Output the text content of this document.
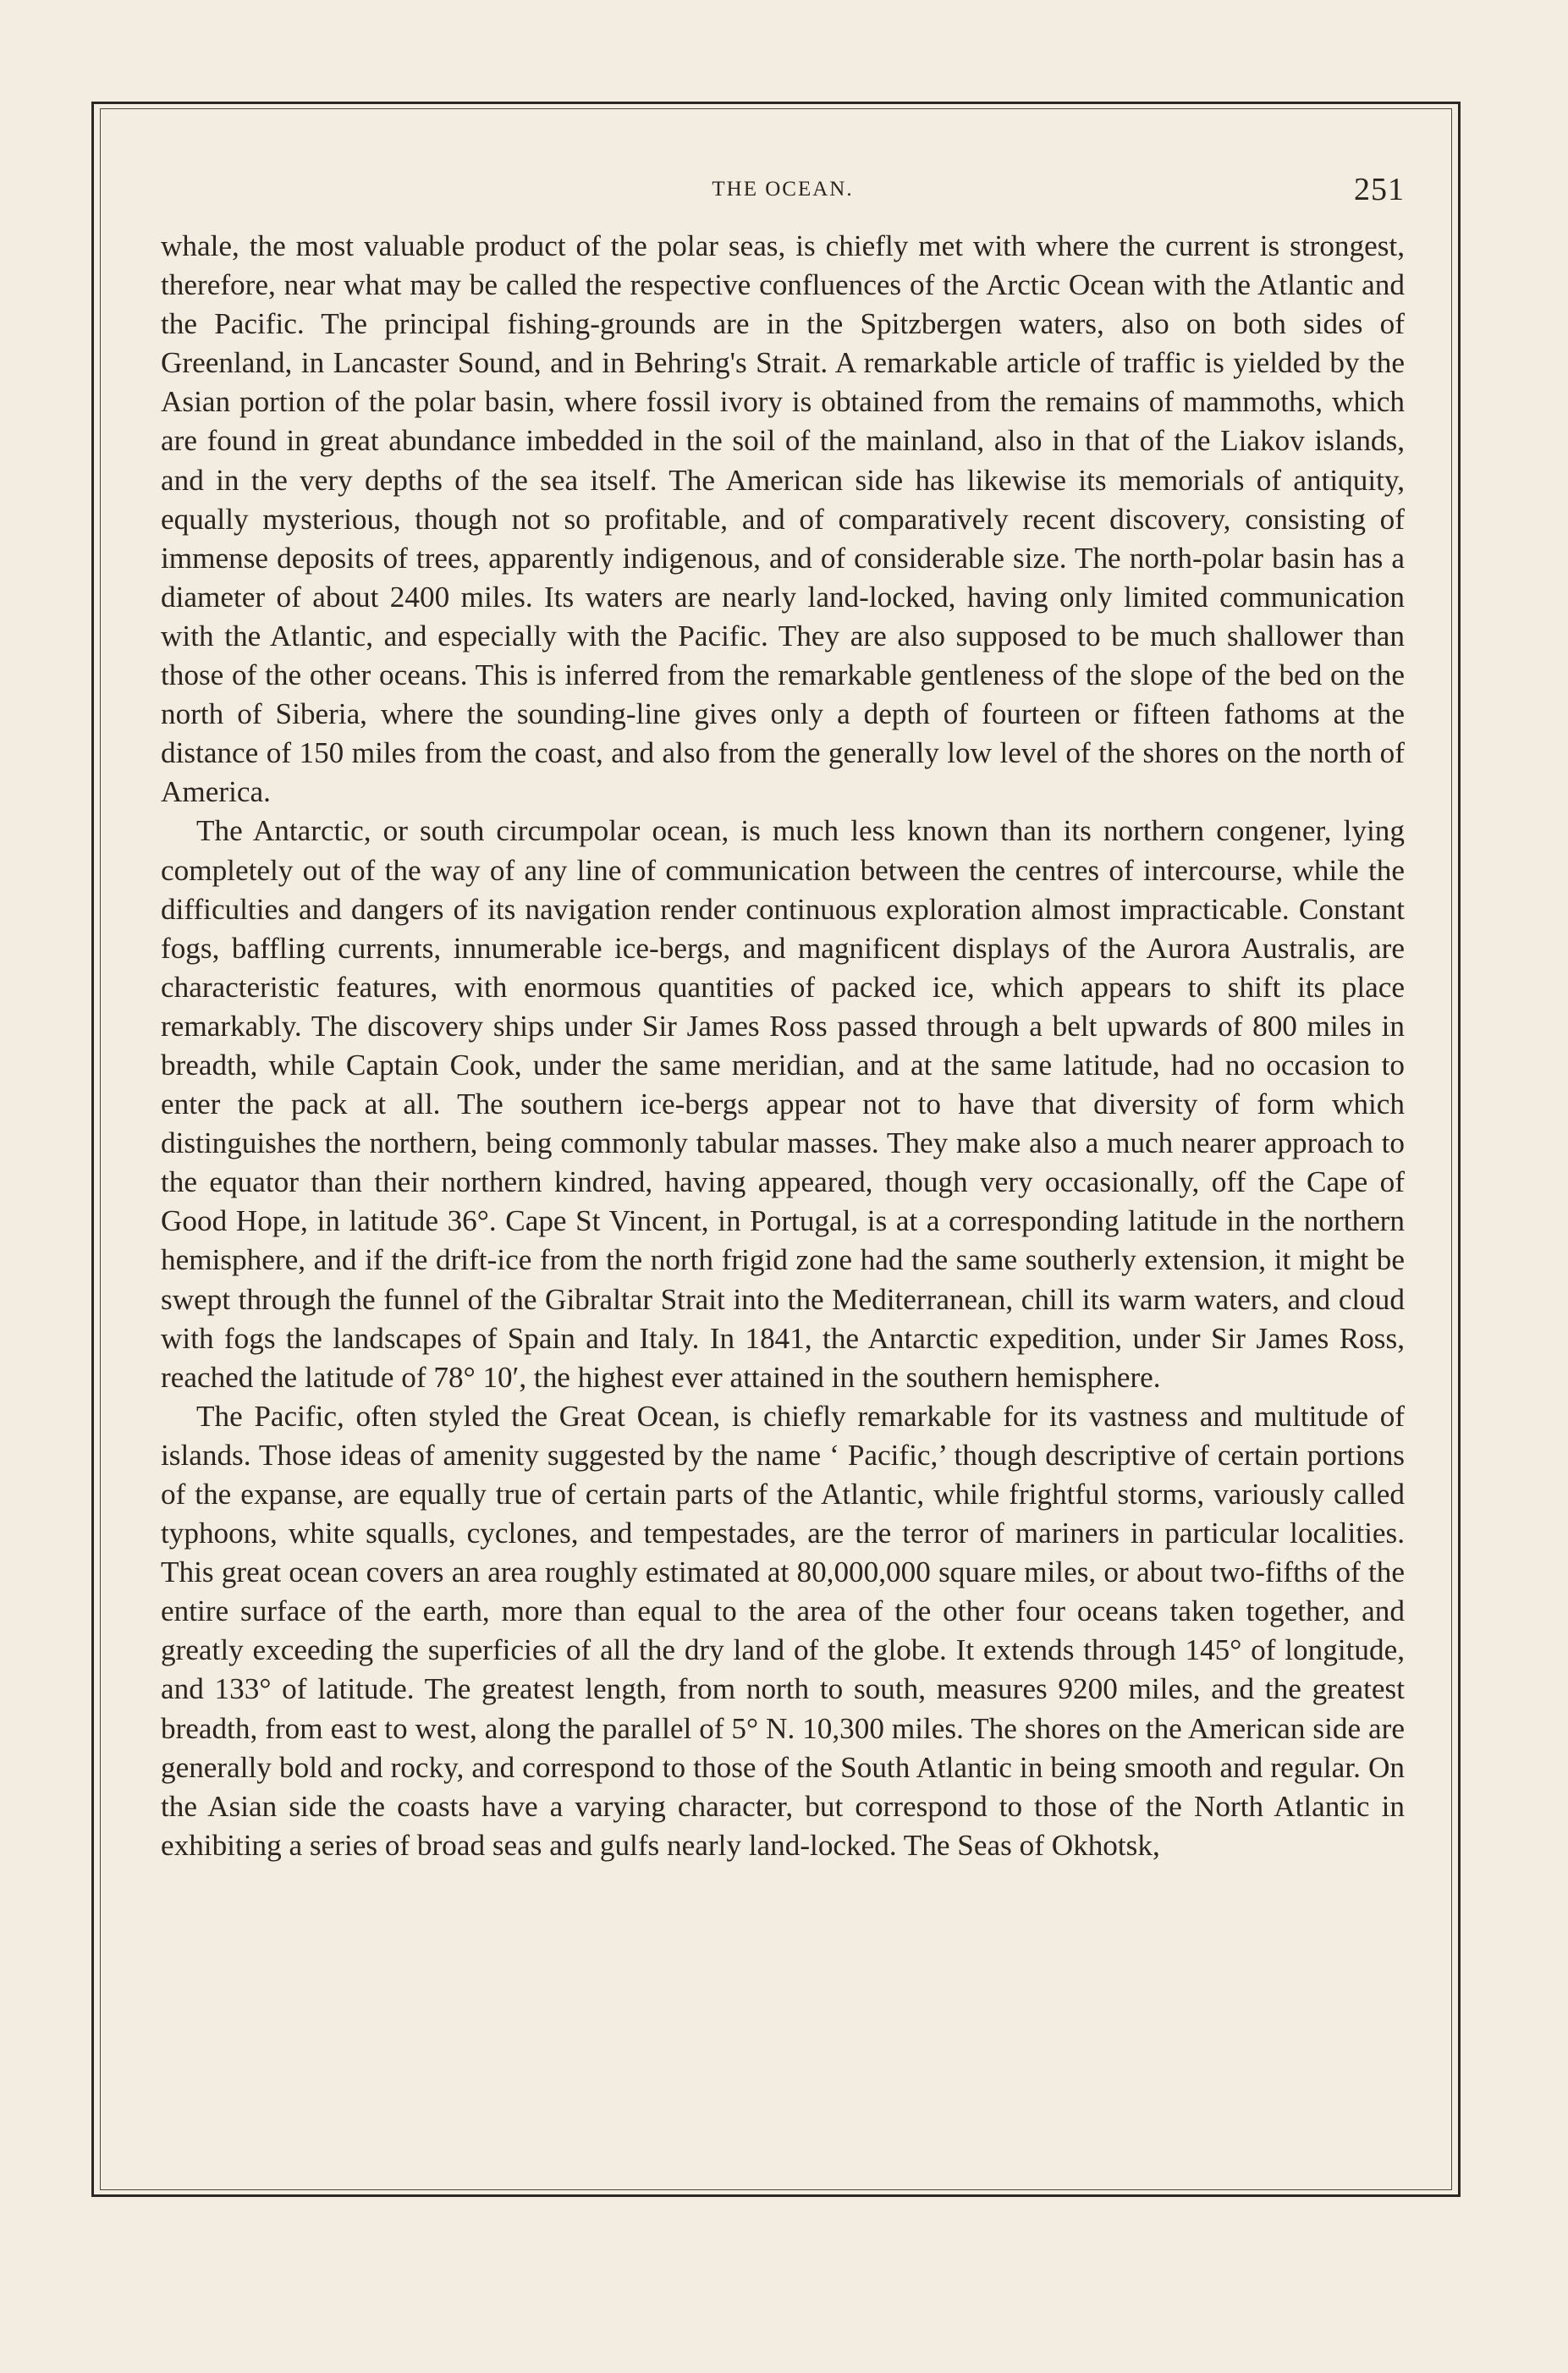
THE OCEAN.	251

whale, the most valuable product of the polar seas, is chiefly met with where the current is strongest, therefore, near what may be called the respective confluences of the Arctic Ocean with the Atlantic and the Pacific. The principal fishing-grounds are in the Spitzbergen waters, also on both sides of Greenland, in Lancaster Sound, and in Behring's Strait. A remarkable article of traffic is yielded by the Asian portion of the polar basin, where fossil ivory is obtained from the remains of mammoths, which are found in great abundance imbedded in the soil of the mainland, also in that of the Liakov islands, and in the very depths of the sea itself. The American side has likewise its memorials of antiquity, equally mysterious, though not so profitable, and of comparatively recent discovery, consisting of immense deposits of trees, apparently indigenous, and of considerable size. The north-polar basin has a diameter of about 2400 miles. Its waters are nearly land-locked, having only limited communication with the Atlantic, and especially with the Pacific. They are also supposed to be much shallower than those of the other oceans. This is inferred from the remarkable gentleness of the slope of the bed on the north of Siberia, where the sounding-line gives only a depth of fourteen or fifteen fathoms at the distance of 150 miles from the coast, and also from the generally low level of the shores on the north of America.

The Antarctic, or south circumpolar ocean, is much less known than its northern congener, lying completely out of the way of any line of communication between the centres of intercourse, while the difficulties and dangers of its navigation render continuous exploration almost impracticable. Constant fogs, baffling currents, innumerable ice-bergs, and magnificent displays of the Aurora Australis, are characteristic features, with enormous quantities of packed ice, which appears to shift its place remarkably. The discovery ships under Sir James Ross passed through a belt upwards of 800 miles in breadth, while Captain Cook, under the same meridian, and at the same latitude, had no occasion to enter the pack at all. The southern ice-bergs appear not to have that diversity of form which distinguishes the northern, being commonly tabular masses. They make also a much nearer approach to the equator than their northern kindred, having appeared, though very occasionally, off the Cape of Good Hope, in latitude 36°. Cape St Vincent, in Portugal, is at a corresponding latitude in the northern hemisphere, and if the drift-ice from the north frigid zone had the same southerly extension, it might be swept through the funnel of the Gibraltar Strait into the Mediterranean, chill its warm waters, and cloud with fogs the landscapes of Spain and Italy. In 1841, the Antarctic expedition, under Sir James Ross, reached the latitude of 78° 10′, the highest ever attained in the southern hemisphere.

The Pacific, often styled the Great Ocean, is chiefly remarkable for its vastness and multitude of islands. Those ideas of amenity suggested by the name ‘ Pacific,’ though descriptive of certain portions of the expanse, are equally true of certain parts of the Atlantic, while frightful storms, variously called typhoons, white squalls, cyclones, and tempestades, are the terror of mariners in particular localities. This great ocean covers an area roughly estimated at 80,000,000 square miles, or about two-fifths of the entire surface of the earth, more than equal to the area of the other four oceans taken together, and greatly exceeding the superficies of all the dry land of the globe. It extends through 145° of longitude, and 133° of latitude. The greatest length, from north to south, measures 9200 miles, and the greatest breadth, from east to west, along the parallel of 5° N. 10,300 miles. The shores on the American side are generally bold and rocky, and correspond to those of the South Atlantic in being smooth and regular. On the Asian side the coasts have a varying character, but correspond to those of the North Atlantic in exhibiting a series of broad seas and gulfs nearly land-locked. The Seas of Okhotsk,
